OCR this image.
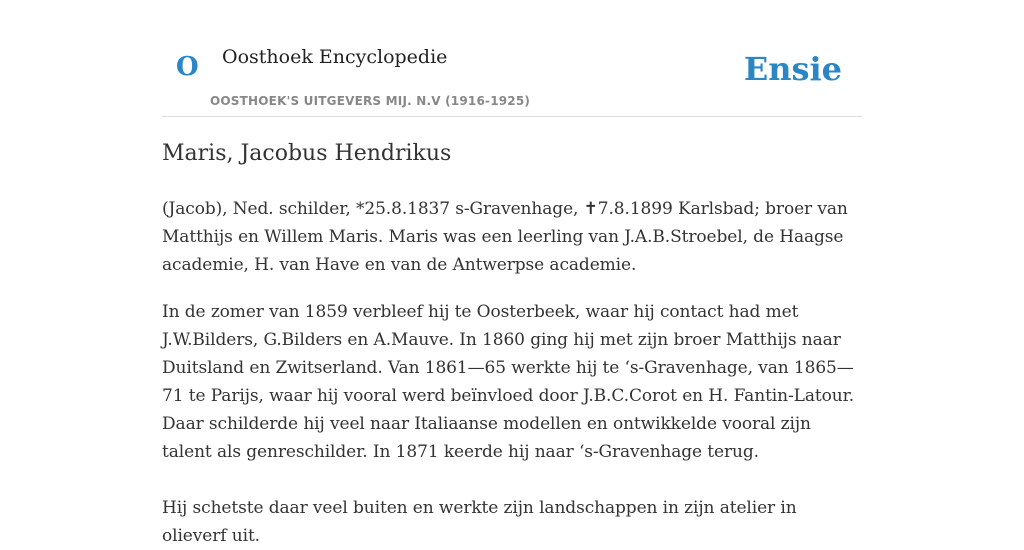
O Oosthoek Encyclopedie
OOSTHOEK'S UITGEVERS MIJ. N.V (1916-1925)
Ensie
Maris, Jacobus Hendrikus

(Jacob), Ned. schilder, *25.8.1837 s-Gravenhage, ✝7.8.1899 Karlsbad; broer van Matthijs en Willem Maris. Maris was een leerling van J.A.B.Stroebel, de Haagse academie, H. van Have en van de Antwerpse academie.

In de zomer van 1859 verbleef hij te Oosterbeek, waar hij contact had met J.W.Bilders, G.Bilders en A.Mauve. In 1860 ging hij met zijn broer Matthijs naar Duitsland en Zwitserland. Van 1861—65 werkte hij te ‘s-Gravenhage, van 1865—71 te Parijs, waar hij vooral werd beïnvloed door J.B.C.Corot en H. Fantin-Latour. Daar schilderde hij veel naar Italiaanse modellen en ontwikkelde vooral zijn talent als genreschilder. In 1871 keerde hij naar ‘s-Gravenhage terug.

Hij schetste daar veel buiten en werkte zijn landschappen in zijn atelier in olieverf uit.
